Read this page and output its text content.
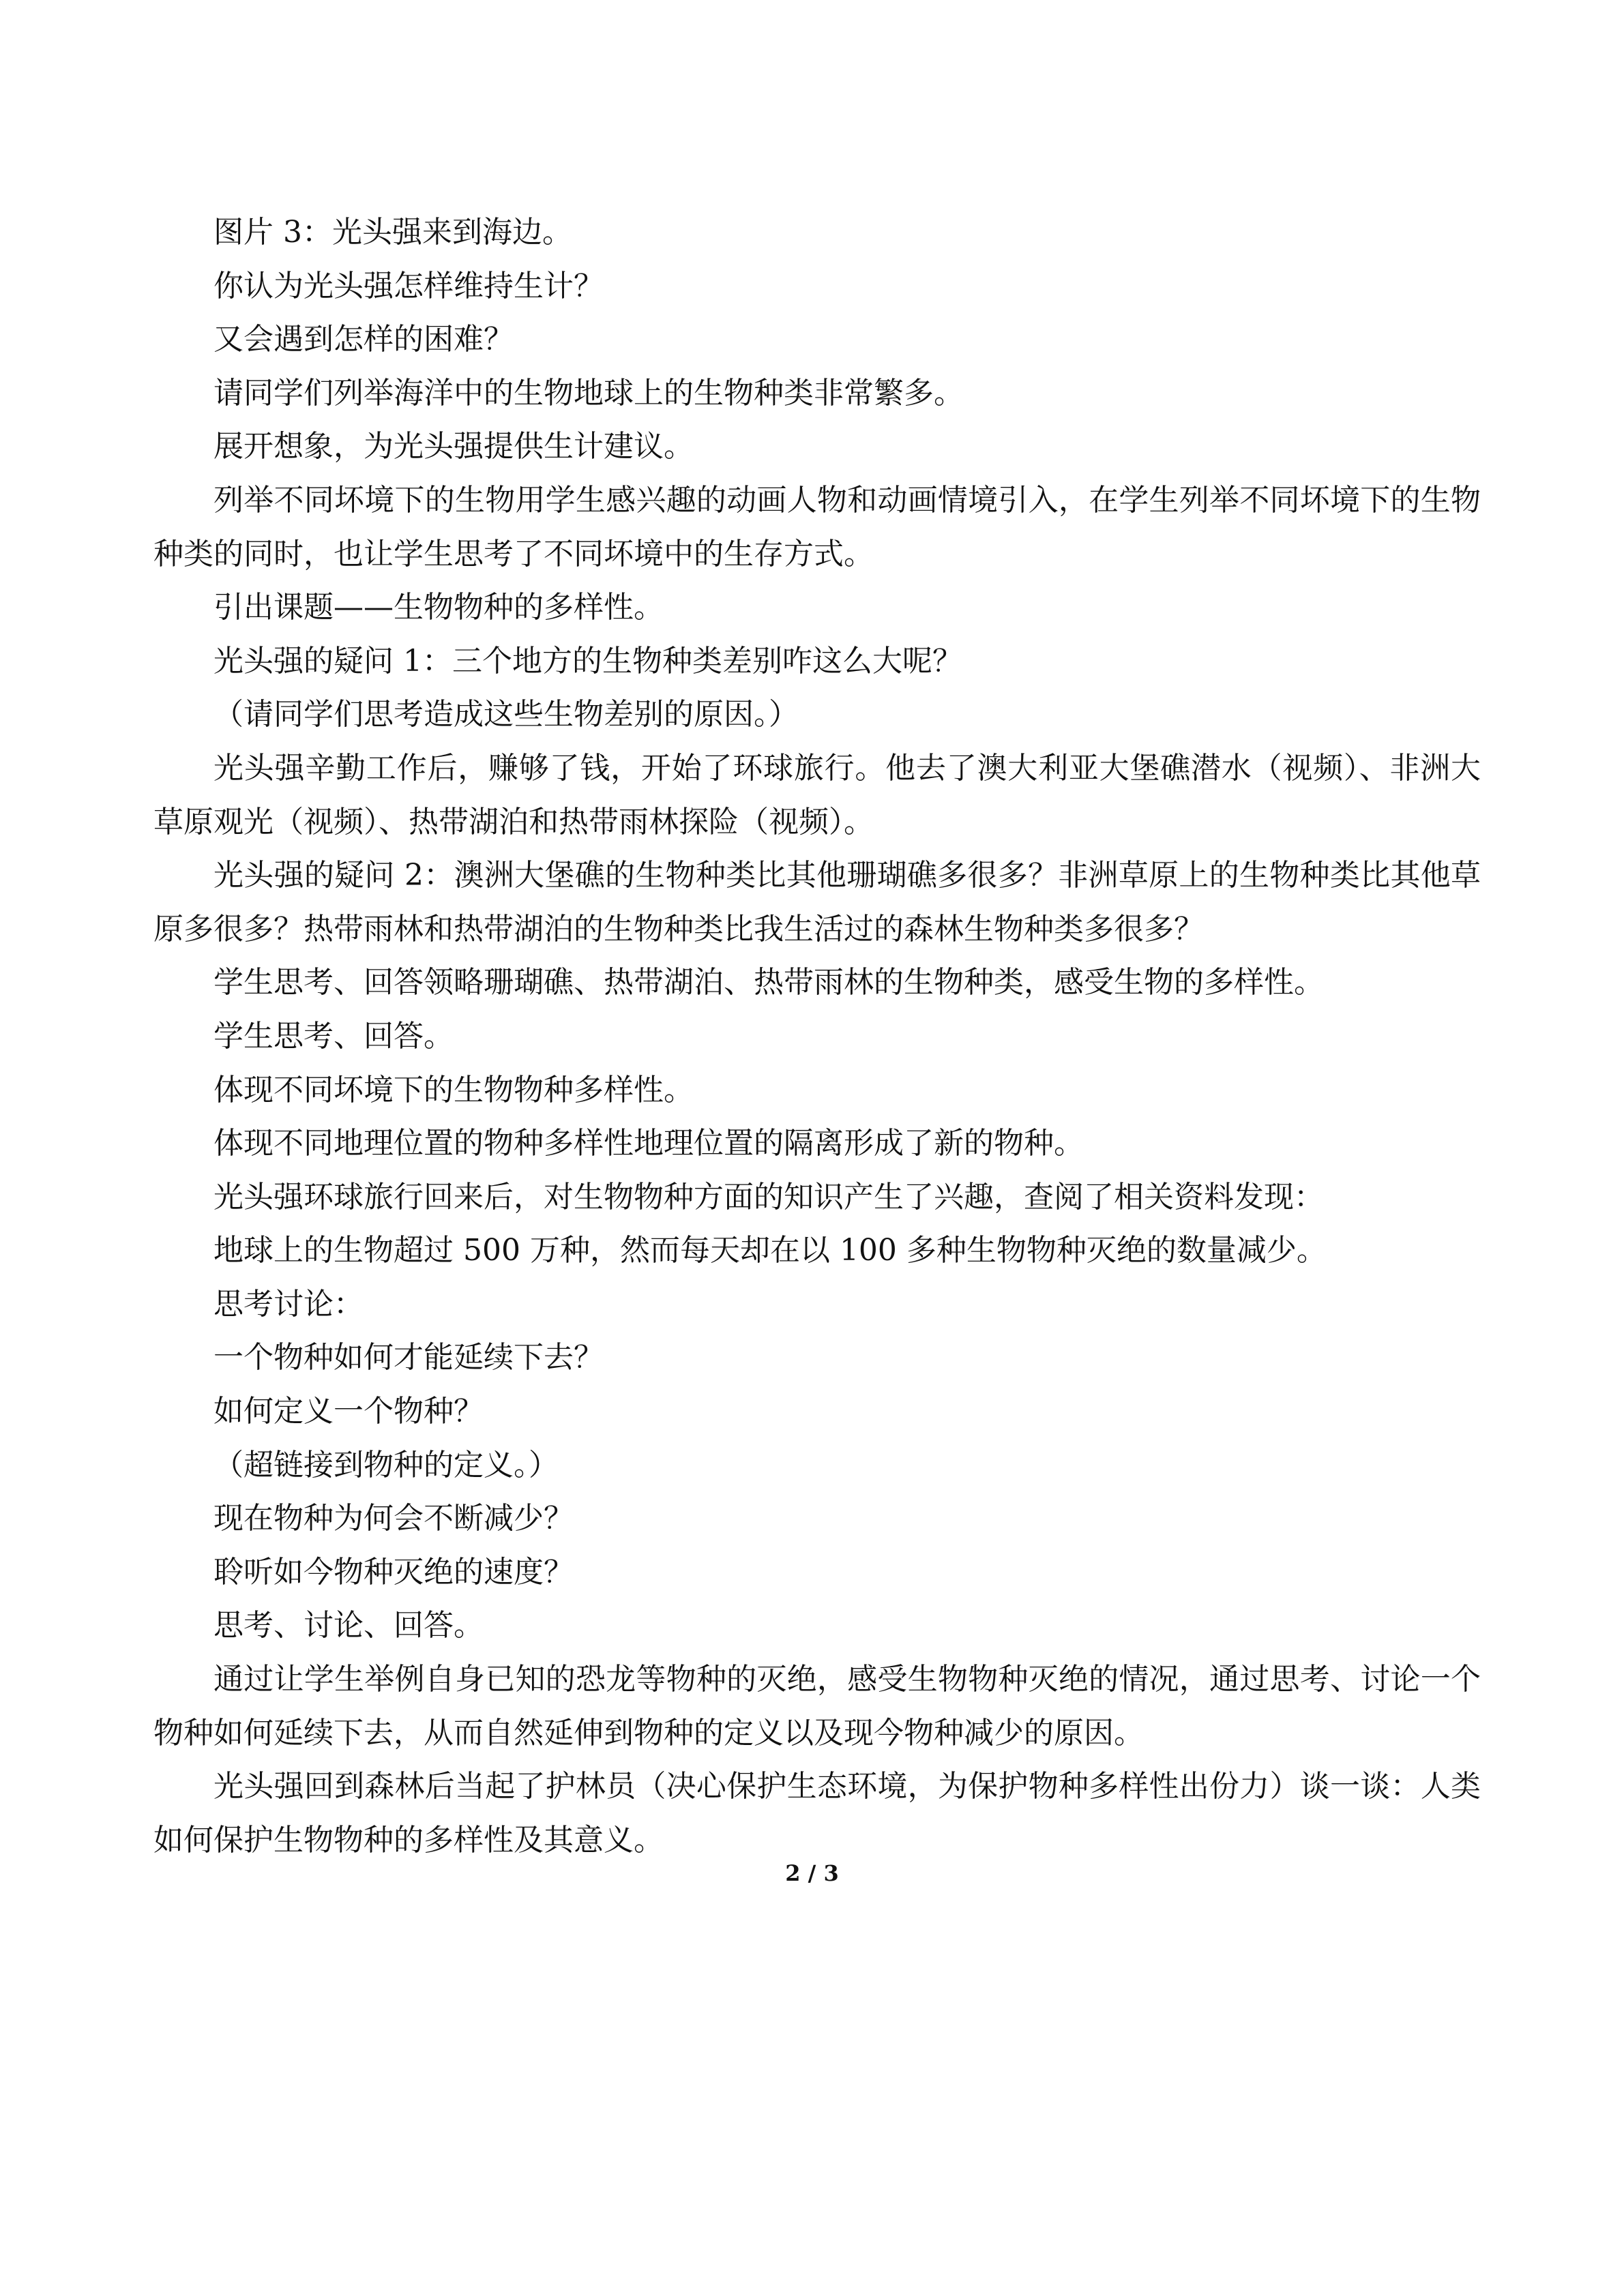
图片 3：光头强来到海边。

你认为光头强怎样维持生计？

又会遇到怎样的困难？

请同学们列举海洋中的生物地球上的生物种类非常繁多。

展开想象，为光头强提供生计建议。

列举不同坏境下的生物用学生感兴趣的动画人物和动画情境引入，在学生列举不同坏境下的生物种类的同时，也让学生思考了不同坏境中的生存方式。

引出课题——生物物种的多样性。

光头强的疑问 1：三个地方的生物种类差别咋这么大呢？

（请同学们思考造成这些生物差别的原因。）

光头强辛勤工作后，赚够了钱，开始了环球旅行。他去了澳大利亚大堡礁潜水（视频）、非洲大草原观光（视频）、热带湖泊和热带雨林探险（视频）。

光头强的疑问 2：澳洲大堡礁的生物种类比其他珊瑚礁多很多？非洲草原上的生物种类比其他草原多很多？热带雨林和热带湖泊的生物种类比我生活过的森林生物种类多很多？

学生思考、回答领略珊瑚礁、热带湖泊、热带雨林的生物种类，感受生物的多样性。

学生思考、回答。

体现不同坏境下的生物物种多样性。

体现不同地理位置的物种多样性地理位置的隔离形成了新的物种。

光头强环球旅行回来后，对生物物种方面的知识产生了兴趣，查阅了相关资料发现：

地球上的生物超过 500 万种，然而每天却在以 100 多种生物物种灭绝的数量减少。

思考讨论：

一个物种如何才能延续下去？

如何定义一个物种？

（超链接到物种的定义。）

现在物种为何会不断减少？

聆听如今物种灭绝的速度？

思考、讨论、回答。

通过让学生举例自身已知的恐龙等物种的灭绝，感受生物物种灭绝的情况，通过思考、讨论一个物种如何延续下去，从而自然延伸到物种的定义以及现今物种减少的原因。

光头强回到森林后当起了护林员（决心保护生态环境，为保护物种多样性出份力）谈一谈：人类如何保护生物物种的多样性及其意义。

2 / 3
